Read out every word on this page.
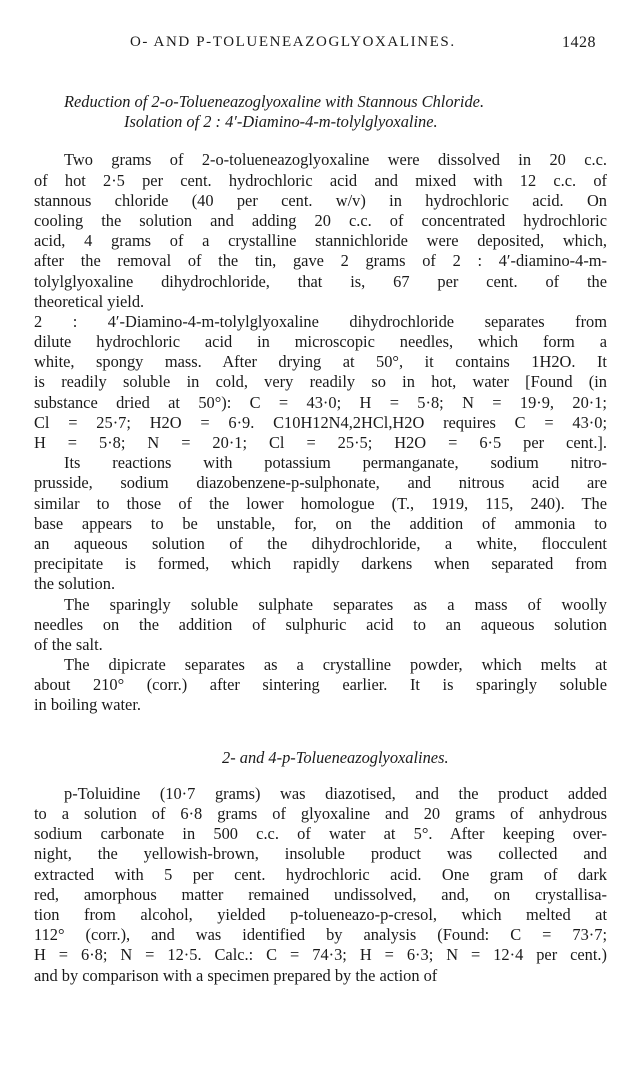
O- AND P-TOLUENEAZOGLYOXALINES.	1428
Reduction of 2-o-Tolueneazoglyoxaline with Stannous Chloride.
Isolation of 2 : 4′-Diamino-4-m-tolylglyoxaline.
Two grams of 2-o-tolueneazoglyoxaline were dissolved in 20 c.c.
of hot 2·5 per cent. hydrochloric acid and mixed with 12 c.c. of
stannous chloride (40 per cent. w/v) in hydrochloric acid. On
cooling the solution and adding 20 c.c. of concentrated hydrochloric
acid, 4 grams of a crystalline stannichloride were deposited, which,
after the removal of the tin, gave 2 grams of 2 : 4′-diamino-4-m-
tolylglyoxaline dihydrochloride, that is, 67 per cent. of the
theoretical yield.
2 : 4′-Diamino-4-m-tolylglyoxaline dihydrochloride separates from
dilute hydrochloric acid in microscopic needles, which form a
white, spongy mass. After drying at 50°, it contains 1H2O. It
is readily soluble in cold, very readily so in hot, water [Found (in
substance dried at 50°): C = 43·0; H = 5·8; N = 19·9, 20·1;
Cl = 25·7; H2O = 6·9. C10H12N4,2HCl,H2O requires C = 43·0;
H = 5·8; N = 20·1; Cl = 25·5; H2O = 6·5 per cent.].
Its reactions with potassium permanganate, sodium nitro-
prusside, sodium diazobenzene-p-sulphonate, and nitrous acid are
similar to those of the lower homologue (T., 1919, 115, 240). The
base appears to be unstable, for, on the addition of ammonia to
an aqueous solution of the dihydrochloride, a white, flocculent
precipitate is formed, which rapidly darkens when separated from
the solution.
The sparingly soluble sulphate separates as a mass of woolly
needles on the addition of sulphuric acid to an aqueous solution
of the salt.
The dipicrate separates as a crystalline powder, which melts at
about 210° (corr.) after sintering earlier. It is sparingly soluble
in boiling water.
2- and 4-p-Tolueneazoglyoxalines.
p-Toluidine (10·7 grams) was diazotised, and the product added
to a solution of 6·8 grams of glyoxaline and 20 grams of anhydrous
sodium carbonate in 500 c.c. of water at 5°. After keeping over-
night, the yellowish-brown, insoluble product was collected and
extracted with 5 per cent. hydrochloric acid. One gram of dark
red, amorphous matter remained undissolved, and, on crystallisa-
tion from alcohol, yielded p-tolueneazo-p-cresol, which melted at
112° (corr.), and was identified by analysis (Found: C = 73·7;
H = 6·8; N = 12·5. Calc.: C = 74·3; H = 6·3; N = 12·4 per cent.)
and by comparison with a specimen prepared by the action of
